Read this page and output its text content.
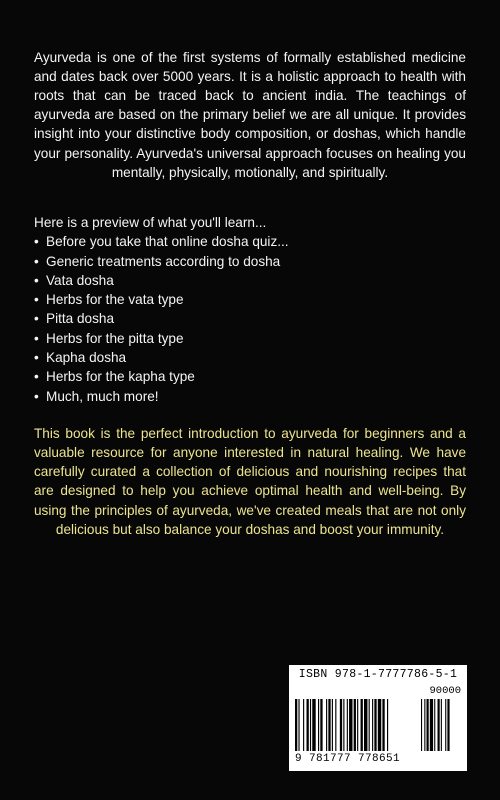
Ayurveda is one of the first systems of formally established medicine and dates back over 5000 years. It is a holistic approach to health with roots that can be traced back to ancient india. The teachings of ayurveda are based on the primary belief we are all unique. It provides insight into your distinctive body composition, or doshas, which handle your personality. Ayurveda's universal approach focuses on healing you mentally, physically, motionally, and spiritually.

Here is a preview of what you'll learn...

• Before you take that online dosha quiz...
• Generic treatments according to dosha
• Vata dosha
• Herbs for the vata type
• Pitta dosha
• Herbs for the pitta type
• Kapha dosha
• Herbs for the kapha type
• Much, much more!

This book is the perfect introduction to ayurveda for beginners and a valuable resource for anyone interested in natural healing. We have carefully curated a collection of delicious and nourishing recipes that are designed to help you achieve optimal health and well-being. By using the principles of ayurveda, we've created meals that are not only delicious but also balance your doshas and boost your immunity.

ISBN 978-1-7777786-5-1
90000
9 781777 778651
